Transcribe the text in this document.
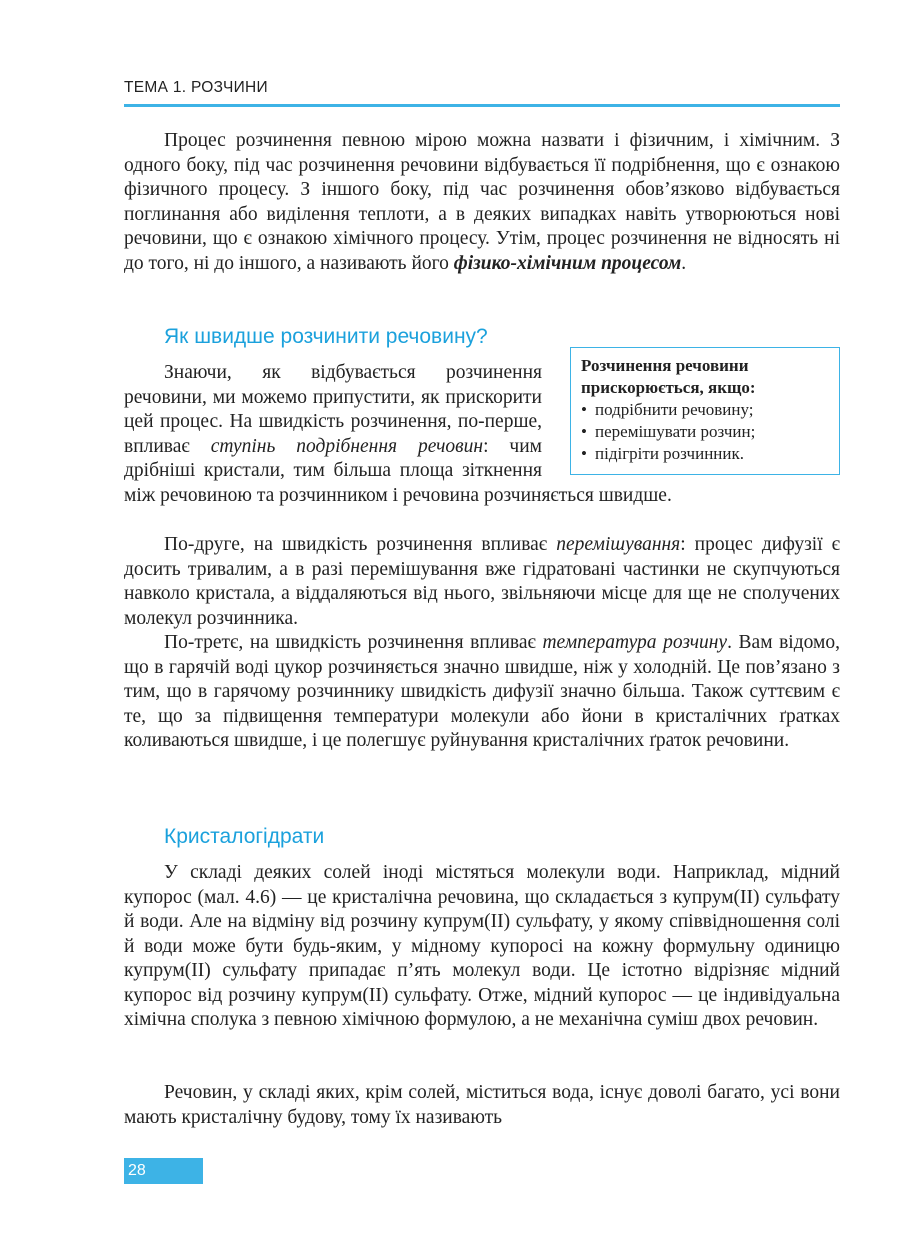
ТЕМА 1. РОЗЧИНИ

Процес розчинення певною мірою можна назвати і фізичним, і хімічним. З одного боку, під час розчинення речовини відбувається її подрібнення, що є ознакою фізичного процесу. З іншого боку, під час розчинення обов’язково відбувається поглинання або виділення теплоти, а в деяких випадках навіть утворюються нові речовини, що є ознакою хімічного процесу. Утім, процес розчинення не відносять ні до того, ні до іншого, а називають його фізико-хімічним процесом.

Як швидше розчинити речовину?

Розчинення речовини прискорюється, якщо:

• подрібнити речовину;
• перемішувати розчин;
• підігріти розчинник.
Знаючи, як відбувається розчинення речовини, ми можемо припустити, як прискорити цей процес. На швидкість розчинення, по-перше, впливає ступінь подрібнення речовин: чим дрібніші кристали, тим більша площа зіткнення між речовиною та розчинником і речовина розчиняється швидше.

По-друге, на швидкість розчинення впливає перемішування: процес дифузії є досить тривалим, а в разі перемішування вже гідратовані частинки не скупчуються навколо кристала, а віддаляються від нього, звільняючи місце для ще не сполучених молекул розчинника.

По-третє, на швидкість розчинення впливає температура розчину. Вам відомо, що в гарячій воді цукор розчиняється значно швидше, ніж у холодній. Це пов’язано з тим, що в гарячому розчиннику швидкість дифузії значно більша. Також суттєвим є те, що за підвищення температури молекули або йони в кристалічних ґратках коливаються швидше, і це полегшує руйнування кристалічних ґраток речовини.

Кристалогідрати

У складі деяких солей іноді містяться молекули води. Наприклад, мідний купорос (мал. 4.6) — це кристалічна речовина, що складається з купрум(ІІ) сульфату й води. Але на відміну від розчину купрум(ІІ) сульфату, у якому співвідношення солі й води може бути будь-яким, у мідному купоросі на кожну формульну одиницю купрум(ІІ) сульфату припадає п’ять молекул води. Це істотно відрізняє мідний купорос від розчину купрум(ІІ) сульфату. Отже, мідний купорос — це індивідуальна хімічна сполука з певною хімічною формулою, а не механічна суміш двох речовин.

Речовин, у складі яких, крім солей, міститься вода, існує доволі багато, усі вони мають кристалічну будову, тому їх називають

28
